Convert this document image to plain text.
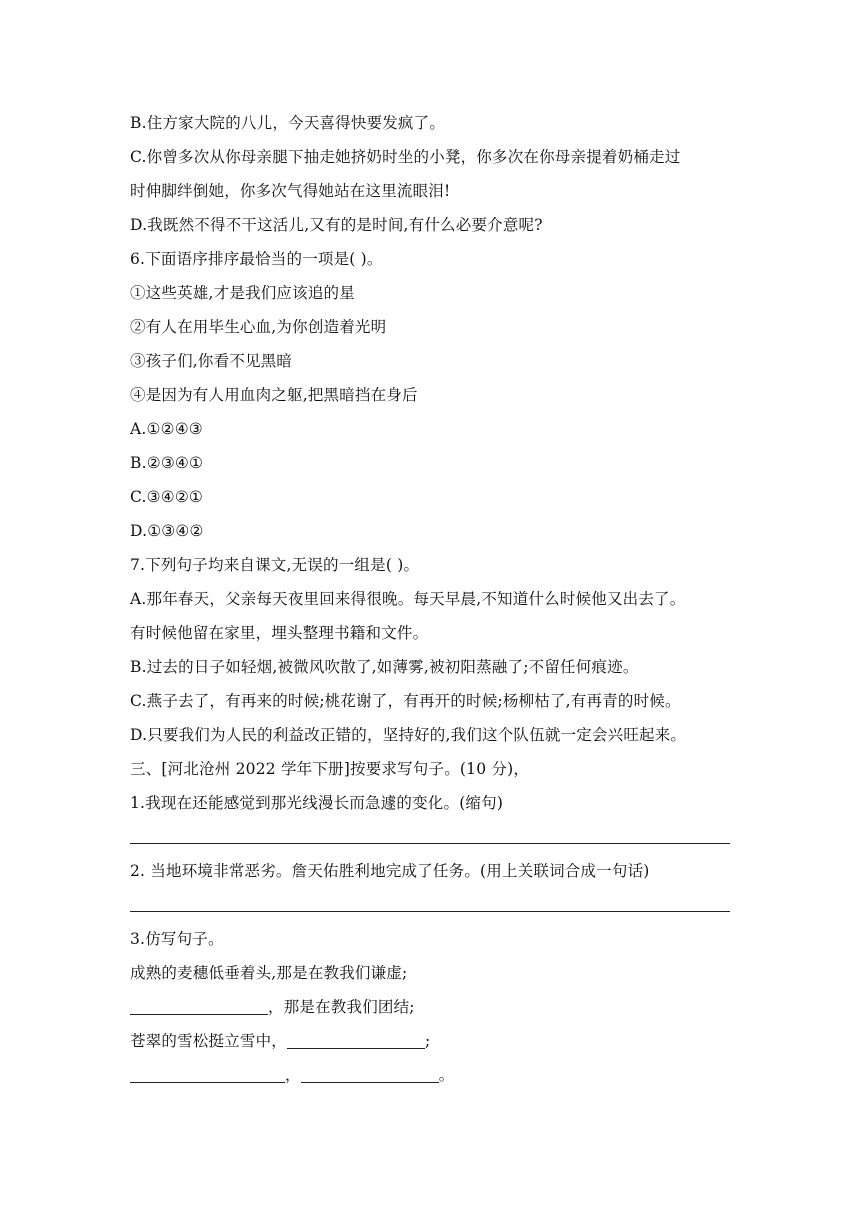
B.住方家大院的八儿，今天喜得快要发疯了。
C.你曾多次从你母亲腿下抽走她挤奶时坐的小凳，你多次在你母亲提着奶桶走过
时伸脚绊倒她，你多次气得她站在这里流眼泪!
D.我既然不得不干这活儿,又有的是时间,有什么必要介意呢?
6.下面语序排序最恰当的一项是( )。
①这些英雄,才是我们应该追的星
②有人在用毕生心血,为你创造着光明
③孩子们,你看不见黑暗
④是因为有人用血肉之躯,把黑暗挡在身后
A.①②④③
B.②③④①
C.③④②①
D.①③④②
7.下列句子均来自课文,无误的一组是( )。
A.那年春天，父亲每天夜里回来得很晚。每天早晨,不知道什么时候他又出去了。
有时候他留在家里，埋头整理书籍和文件。
B.过去的日子如轻烟,被微风吹散了,如薄雾,被初阳蒸融了;不留任何痕迹。
C.燕子去了，有再来的时候;桃花谢了，有再开的时候;杨柳枯了,有再青的时候。
D.只要我们为人民的利益改正错的，坚持好的,我们这个队伍就一定会兴旺起来。
三、[河北沧州 2022 学年下册]按要求写句子。(10 分)，
1.我现在还能感觉到那光线漫长而急遽的变化。(缩句)
2. 当地环境非常恶劣。詹天佑胜利地完成了任务。(用上关联词合成一句话)
3.仿写句子。
成熟的麦穗低垂着头,那是在教我们谦虚;
，那是在教我们团结;
苍翠的雪松挺立雪中，	;
，	。
